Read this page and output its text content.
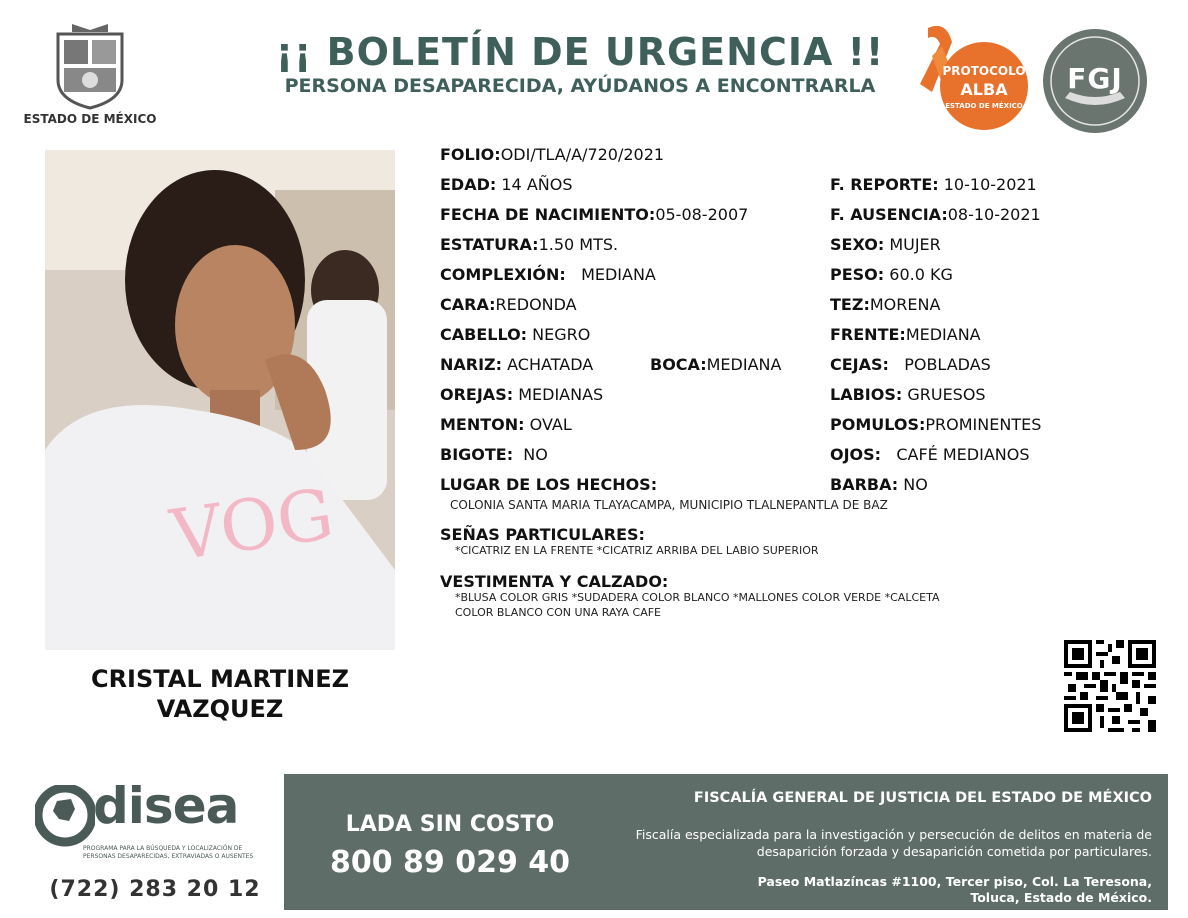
ESTADO DE MÉXICO
¡¡ BOLETÍN DE URGENCIA !!
PERSONA DESAPARECIDA, AYÚDANOS A ENCONTRARLA
PROTOCOLO
ALBA
ESTADO DE MÉXICO
FGJ
VOG
CRISTAL MARTINEZ
VAZQUEZ
FOLIO:ODI/TLA/A/720/2021
EDAD: 14 AÑOS
FECHA DE NACIMIENTO:05-08-2007
ESTATURA:1.50 MTS.
COMPLEXIÓN: MEDIANA
CARA:REDONDA
CABELLO: NEGRO
NARIZ: ACHATADA	BOCA:MEDIANA
OREJAS: MEDIANAS
MENTON: OVAL
BIGOTE: NO
LUGAR DE LOS HECHOS:
COLONIA SANTA MARIA TLAYACAMPA, MUNICIPIO TLALNEPANTLA DE BAZ
F. REPORTE: 10-10-2021
F. AUSENCIA:08-10-2021
SEXO: MUJER
PESO: 60.0 KG
TEZ:MORENA
FRENTE:MEDIANA
CEJAS: POBLADAS
LABIOS: GRUESOS
POMULOS:PROMINENTES
OJOS: CAFÉ MEDIANOS
BARBA: NO
SEÑAS PARTICULARES:
*CICATRIZ EN LA FRENTE *CICATRIZ ARRIBA DEL LABIO SUPERIOR
VESTIMENTA Y CALZADO:
*BLUSA COLOR GRIS *SUDADERA COLOR BLANCO *MALLONES COLOR VERDE *CALCETA
COLOR BLANCO CON UNA RAYA CAFE
disea
PROGRAMA PARA LA BÚSQUEDA Y LOCALIZACIÓN DE PERSONAS DESAPARECIDAS, EXTRAVIADAS O AUSENTES
(722) 283 20 12
LADA SIN COSTO
800 89 029 40
FISCALÍA GENERAL DE JUSTICIA DEL ESTADO DE MÉXICO
Fiscalía especializada para la investigación y persecución de delitos en materia de desaparición forzada y desaparición cometida por particulares.
Paseo Matlazíncas #1100, Tercer piso, Col. La Teresona,
Toluca, Estado de México.
